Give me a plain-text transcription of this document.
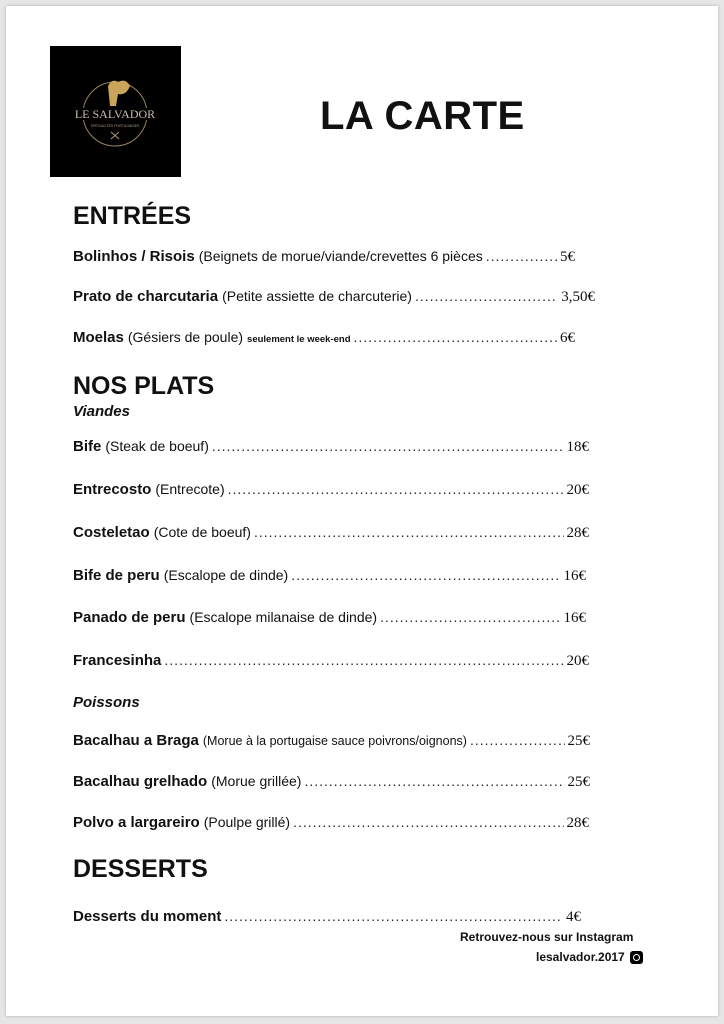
LE SALVADOR
SPÉCIALITÉS PORTUGAISES	LA CARTE
ENTRÉES
Bolinhos / Risois (Beignets de morue/viande/crevettes 6 pièces .....	5€
Prato de charcutaria (Petite assiette de charcuterie) .....	3,50€
Moelas (Gésiers de poule) seulement le week-end .....	6€
NOS PLATS
Viandes
Bife (Steak de boeuf) .....	18€
Entrecosto (Entrecote) .....	20€
Costeletao (Cote de boeuf) .....	28€
Bife de peru (Escalope de dinde) .....	16€
Panado de peru (Escalope milanaise de dinde) .....	16€
Francesinha .....	20€
Poissons
Bacalhau a Braga (Morue à la portugaise sauce poivrons/oignons) .....	25€
Bacalhau grelhado (Morue grillée) .....	25€
Polvo a largareiro (Poulpe grillé) .....	28€
DESSERTS
Desserts du moment .....	4€
Retrouvez-nous sur Instagram
lesalvador.2017
